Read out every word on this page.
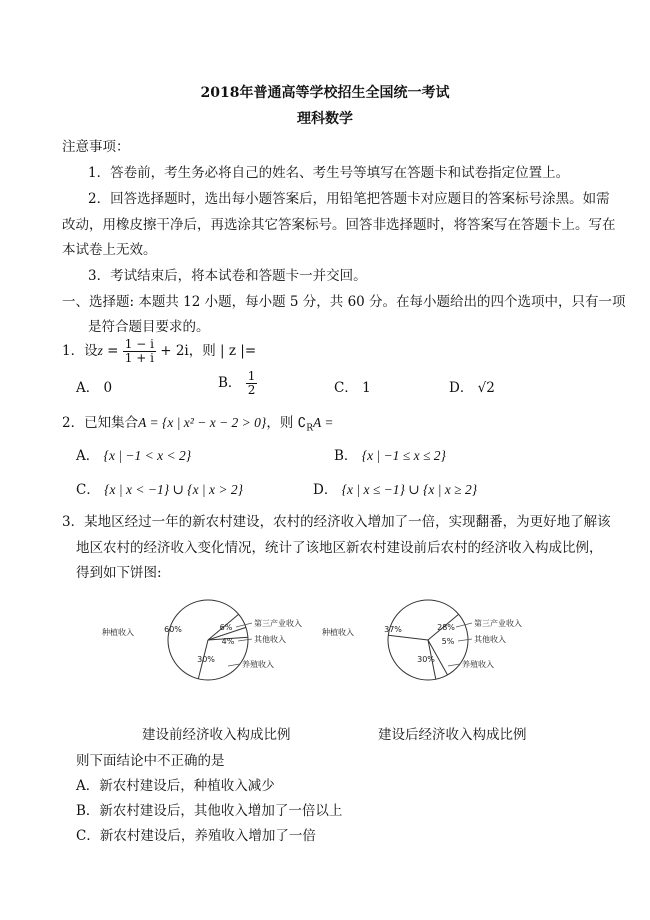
2018年普通高等学校招生全国统一考试
理科数学
注意事项：
1．答卷前，考生务必将自己的姓名、考生号等填写在答题卡和试卷指定位置上。
2．回答选择题时，选出每小题答案后，用铅笔把答题卡对应题目的答案标号涂黑。如需
改动，用橡皮擦干净后，再选涂其它答案标号。回答非选择题时，将答案写在答题卡上。写在
本试卷上无效。
3．考试结束后，将本试卷和答题卡一并交回。
一、选择题: 本题共 12 小题，每小题 5 分，共 60 分。在每小题给出的四个选项中，只有一项
是符合题目要求的。
1．设$z = \frac{1 - i}{1 + i} + 2i$，则 | z |=
A． 0	B． $\frac{1}{2}$	C． 1	D． √2
2．已知集合A = {x | x² − x − 2 > 0}，则 $∁_RA$ =
A． {x | −1 < x < 2}	B． {x | −1 ≤ x ≤ 2}
C． {x | x < −1} ∪ {x | x > 2}	D． {x | x ≤ −1} ∪ {x | x ≥ 2}
3．某地区经过一年的新农村建设，农村的经济收入增加了一倍，实现翻番，为更好地了解该
地区农村的经济收入变化情况，统计了该地区新农村建设前后农村的经济收入构成比例，
得到如下饼图:
60%
种植收入
6%	第三产业收入
4% 其他收入
30%
养殖收入
37%
种植收入
28% 第三产业收入
5% 其他收入
30%
养殖收入
建设前经济收入构成比例	建设后经济收入构成比例
则下面结论中不正确的是
A．新农村建设后，种植收入减少
B．新农村建设后，其他收入增加了一倍以上
C．新农村建设后，养殖收入增加了一倍
